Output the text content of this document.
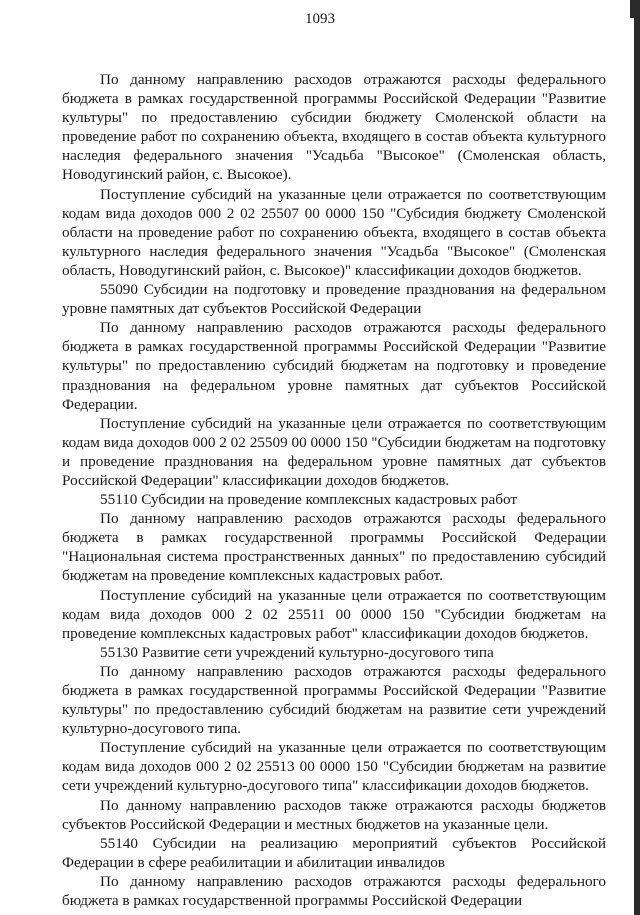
1093

По данному направлению расходов отражаются расходы федерального бюджета в рамках государственной программы Российской Федерации "Развитие культуры" по предоставлению субсидии бюджету Смоленской области на проведение работ по сохранению объекта, входящего в состав объекта культурного наследия федерального значения "Усадьба "Высокое" (Смоленская область, Новодугинский район, с. Высокое).

Поступление субсидий на указанные цели отражается по соответствующим кодам вида доходов 000 2 02 25507 00 0000 150 "Субсидия бюджету Смоленской области на проведение работ по сохранению объекта, входящего в состав объекта культурного наследия федерального значения "Усадьба "Высокое" (Смоленская область, Новодугинский район, с. Высокое)" классификации доходов бюджетов.

55090 Субсидии на подготовку и проведение празднования на федеральном уровне памятных дат субъектов Российской Федерации

По данному направлению расходов отражаются расходы федерального бюджета в рамках государственной программы Российской Федерации "Развитие культуры" по предоставлению субсидий бюджетам на подготовку и проведение празднования на федеральном уровне памятных дат субъектов Российской Федерации.

Поступление субсидий на указанные цели отражается по соответствующим кодам вида доходов 000 2 02 25509 00 0000 150 "Субсидии бюджетам на подготовку и проведение празднования на федеральном уровне памятных дат субъектов Российской Федерации" классификации доходов бюджетов.

55110 Субсидии на проведение комплексных кадастровых работ

По данному направлению расходов отражаются расходы федерального бюджета в рамках государственной программы Российской Федерации "Национальная система пространственных данных" по предоставлению субсидий бюджетам на проведение комплексных кадастровых работ.

Поступление субсидий на указанные цели отражается по соответствующим кодам вида доходов 000 2 02 25511 00 0000 150 "Субсидии бюджетам на проведение комплексных кадастровых работ" классификации доходов бюджетов.

55130 Развитие сети учреждений культурно-досугового типа

По данному направлению расходов отражаются расходы федерального бюджета в рамках государственной программы Российской Федерации "Развитие культуры" по предоставлению субсидий бюджетам на развитие сети учреждений культурно-досугового типа.

Поступление субсидий на указанные цели отражается по соответствующим кодам вида доходов 000 2 02 25513 00 0000 150 "Субсидии бюджетам на развитие сети учреждений культурно-досугового типа" классификации доходов бюджетов.

По данному направлению расходов также отражаются расходы бюджетов субъектов Российской Федерации и местных бюджетов на указанные цели.

55140 Субсидии на реализацию мероприятий субъектов Российской Федерации в сфере реабилитации и абилитации инвалидов

По данному направлению расходов отражаются расходы федерального бюджета в рамках государственной программы Российской Федерации
